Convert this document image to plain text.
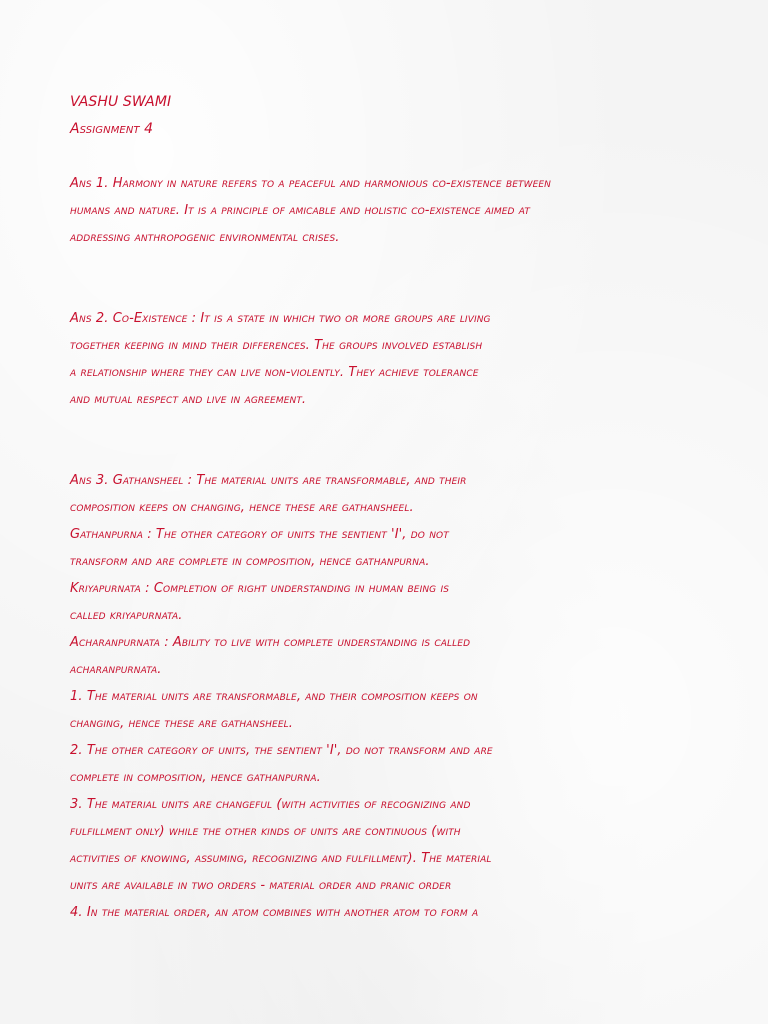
VASHU SWAMI

Assignment 4

Ans 1. Harmony in nature refers to a peaceful and harmonious co-existence between

humans and nature. It is a principle of amicable and holistic co-existence aimed at

addressing anthropogenic environmental crises.

Ans 2. Co-Existence : It is a state in which two or more groups are living

together keeping in mind their differences. The groups involved establish

a relationship where they can live non-violently. They achieve tolerance

and mutual respect and live in agreement.

Ans 3. Gathansheel : The material units are transformable, and their

composition keeps on changing, hence these are gathansheel.

Gathanpurna : The other category of units the sentient 'I', do not

transform and are complete in composition, hence gathanpurna.

Kriyapurnata : Completion of right understanding in human being is

called kriyapurnata.

Acharanpurnata : Ability to live with complete understanding is called

acharanpurnata.

1. The material units are transformable, and their composition keeps on

changing, hence these are gathansheel.

2. The other category of units, the sentient 'I', do not transform and are

complete in composition, hence gathanpurna.

3. The material units are changeful (with activities of recognizing and

fulfillment only) while the other kinds of units are continuous (with

activities of knowing, assuming, recognizing and fulfillment). The material

units are available in two orders - material order and pranic order

4. In the material order, an atom combines with another atom to form a
